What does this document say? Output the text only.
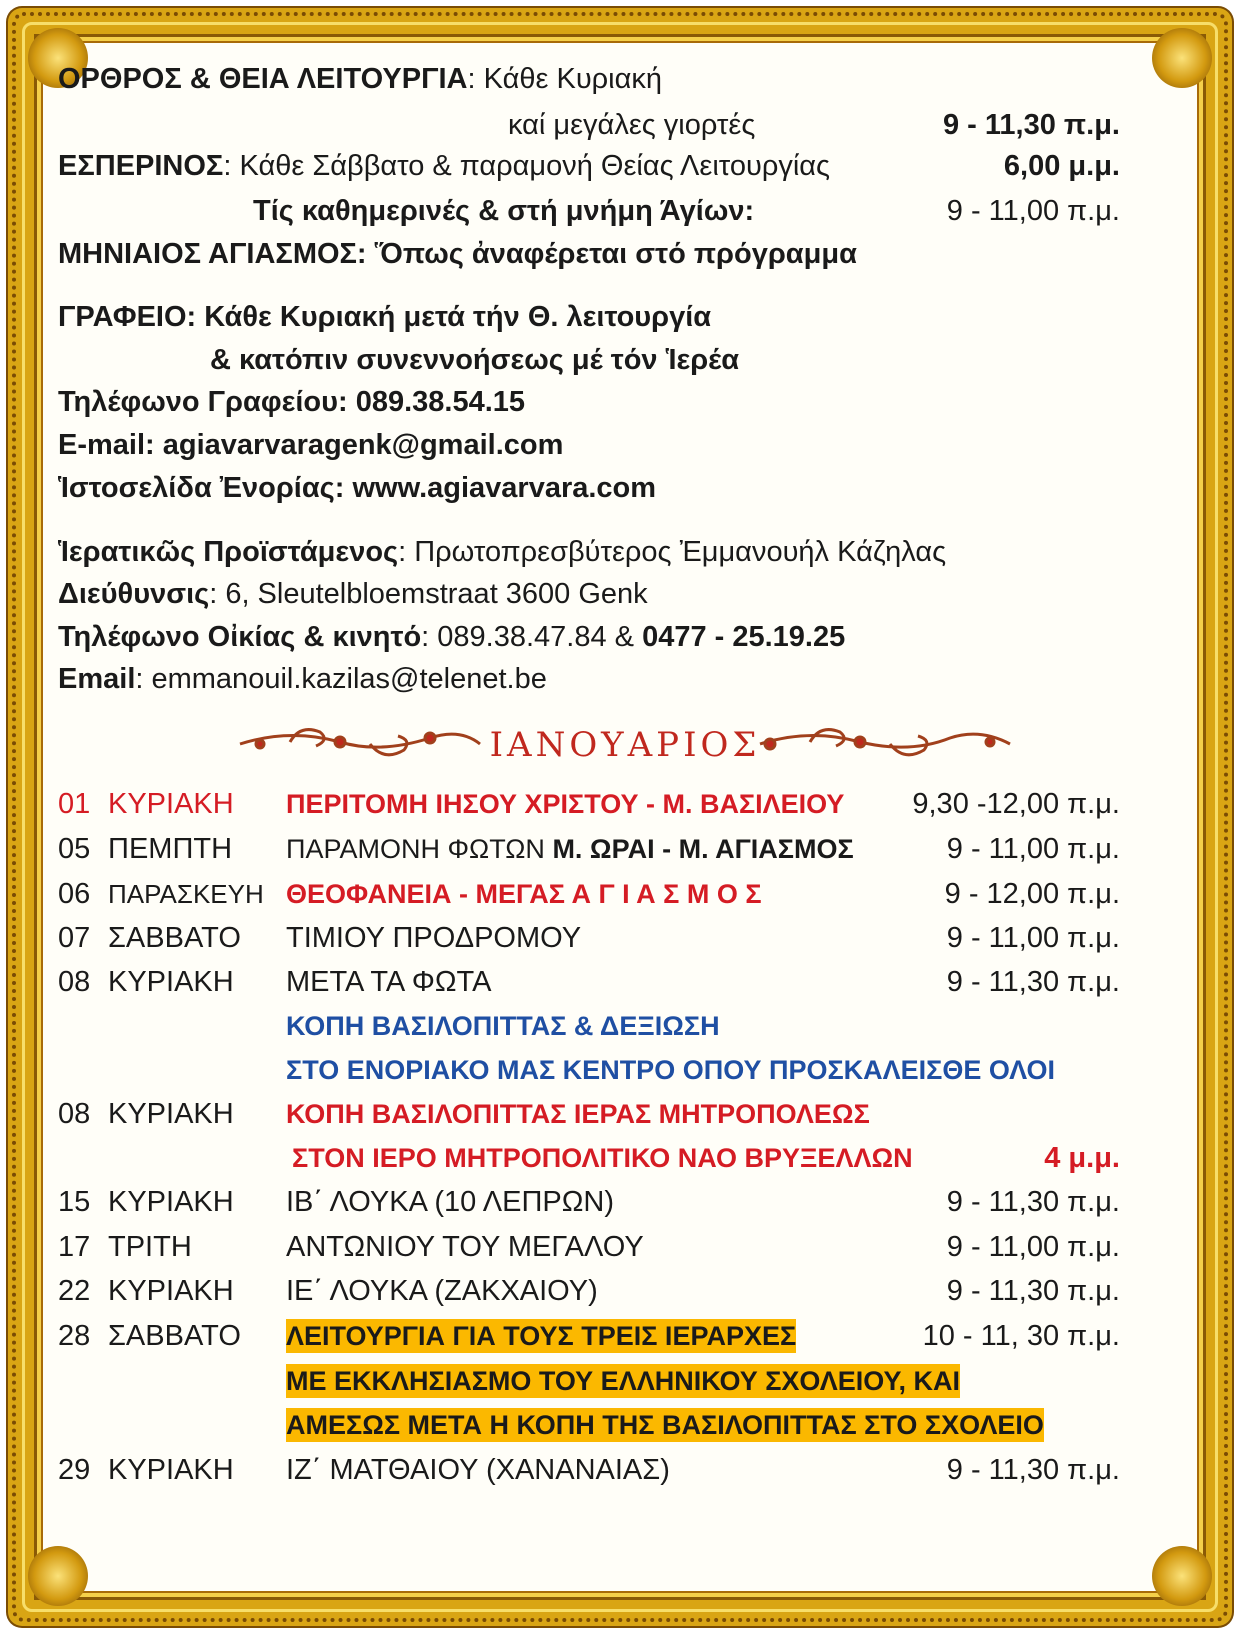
ΟΡΘΡΟΣ & ΘΕΙΑ ΛΕΙΤΟΥΡΓΙΑ: Κάθε Κυριακή
καί μεγάλες γιορτές	9 - 11,30 π.μ.
ΕΣΠΕΡΙΝΟΣ: Κάθε Σάββατο & παραμονή Θείας Λειτουργίας	6,00 μ.μ.
Τίς καθημερινές & στή μνήμη Άγίων:	9 - 11,00 π.μ.
ΜΗΝΙΑΙΟΣ ΑΓΙΑΣΜΟΣ: Ὅπως ἀναφέρεται στό πρόγραμμα
ΓΡΑΦΕΙΟ: Κάθε Κυριακή μετά τήν Θ. λειτουργία
& κατόπιν συνεννοήσεως μέ τόν Ἱερέα
Τηλέφωνο Γραφείου: 089.38.54.15
E-mail: agiavarvaragenk@gmail.com
Ἱστοσελίδα Ἐνορίας: www.agiavarvara.com
Ἱερατικῶς Προϊστάμενος: Πρωτοπρεσβύτερος Ἐμμανουήλ Κάζηλας
Διεύθυνσις: 6, Sleutelbloemstraat 3600 Genk
Τηλέφωνο Οἰκίας & κινητό: 089.38.47.84 & 0477 - 25.19.25
Email: emmanouil.kazilas@telenet.be
ΙΑΝΟΥΑΡΙΟΣ
01 ΚΥΡΙΑΚΗ ΠΕΡΙΤΟΜΗ ΙΗΣΟΥ ΧΡΙΣΤΟΥ - Μ. ΒΑΣΙΛΕΙΟΥ 9,30 -12,00 π.μ.
05 ΠΕΜΠΤΗ ΠΑΡΑΜΟΝΗ ΦΩΤΩΝ Μ. ΩΡΑΙ - Μ. ΑΓΙΑΣΜΟΣ	9 - 11,00 π.μ.
06 ΠΑΡΑΣΚΕΥΗ ΘΕΟΦΑΝΕΙΑ - ΜΕΓΑΣ Α Γ Ι Α Σ Μ Ο Σ	9 - 12,00 π.μ.
07 ΣΑΒΒΑΤΟ ΤΙΜΙΟΥ ΠΡΟΔΡΟΜΟΥ	9 - 11,00 π.μ.
08 ΚΥΡΙΑΚΗ ΜΕΤΑ ΤΑ ΦΩΤΑ	9 - 11,30 π.μ.
ΚΟΠΗ ΒΑΣΙΛΟΠΙΤΤΑΣ & ΔΕΞΙΩΣΗ
ΣΤΟ ΕΝΟΡΙΑΚΟ ΜΑΣ ΚΕΝΤΡΟ ΟΠΟΥ ΠΡΟΣΚΑΛΕΙΣΘΕ ΟΛΟΙ
08 ΚΥΡΙΑΚΗ ΚΟΠΗ ΒΑΣΙΛΟΠΙΤΤΑΣ ΙΕΡΑΣ ΜΗΤΡΟΠΟΛΕΩΣ
ΣΤΟΝ ΙΕΡΟ ΜΗΤΡΟΠΟΛΙΤΙΚΟ ΝΑΟ ΒΡΥΞΕΛΛΩΝ	4 μ.μ.
15 ΚΥΡΙΑΚΗ ΙΒ΄ ΛΟΥΚΑ (10 ΛΕΠΡΩΝ)	9 - 11,30 π.μ.
17 ΤΡΙΤΗ	ΑΝΤΩΝΙΟΥ ΤΟΥ ΜΕΓΑΛΟΥ	9 - 11,00 π.μ.
22 ΚΥΡΙΑΚΗ ΙΕ΄ ΛΟΥΚΑ (ΖΑΚΧΑΙΟΥ)	9 - 11,30 π.μ.
28 ΣΑΒΒΑΤΟ ΛΕΙΤΟΥΡΓΙΑ ΓΙΑ ΤΟΥΣ ΤΡΕΙΣ ΙΕΡΑΡΧΕΣ	10 - 11, 30 π.μ.
ΜΕ ΕΚΚΛΗΣΙΑΣΜΟ ΤΟΥ ΕΛΛΗΝΙΚΟΥ ΣΧΟΛΕΙΟΥ, ΚΑΙ
ΑΜΕΣΩΣ ΜΕΤΑ Η ΚΟΠΗ ΤΗΣ ΒΑΣΙΛΟΠΙΤΤΑΣ ΣΤΟ ΣΧΟΛΕΙΟ
29 ΚΥΡΙΑΚΗ ΙΖ΄ ΜΑΤΘΑΙΟΥ (ΧΑΝΑΝΑΙΑΣ)	9 - 11,30 π.μ.
